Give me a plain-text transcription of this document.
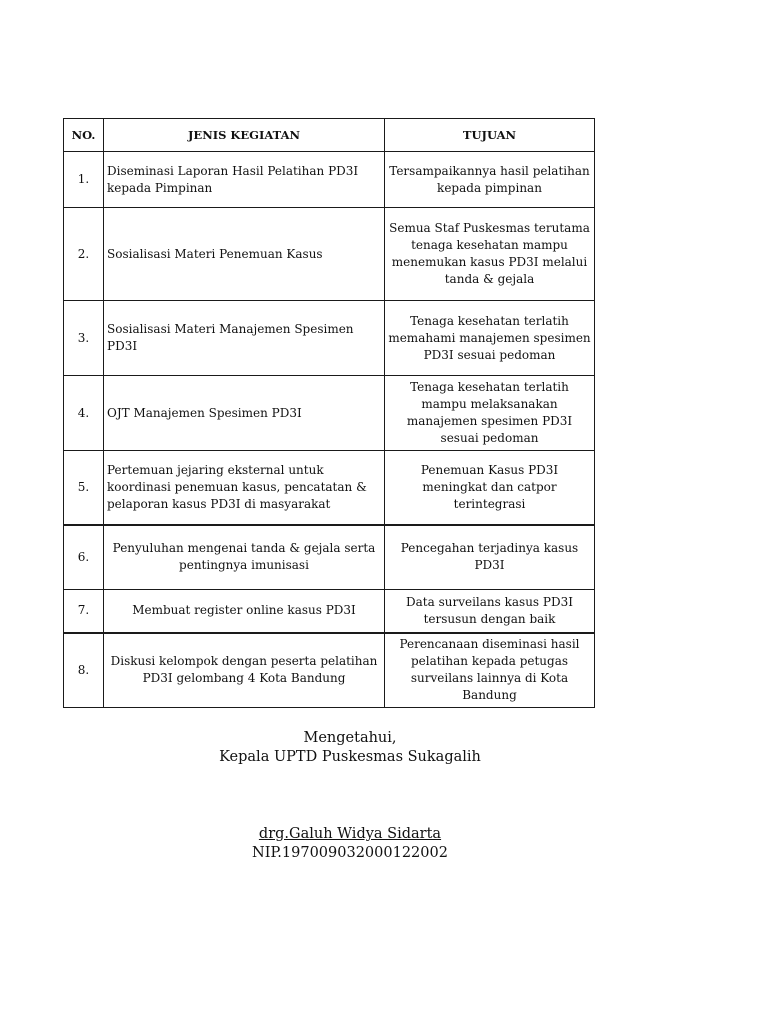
NO.	JENIS KEGIATAN	TUJUAN
1.	Diseminasi Laporan Hasil Pelatihan PD3I kepada Pimpinan	Tersampaikannya hasil pelatihan kepada pimpinan
2.	Sosialisasi Materi Penemuan Kasus	Semua Staf Puskesmas terutama tenaga kesehatan mampu menemukan kasus PD3I melalui tanda & gejala
3.	Sosialisasi Materi Manajemen Spesimen PD3I	Tenaga kesehatan terlatih memahami manajemen spesimen PD3I sesuai pedoman
4.	OJT Manajemen Spesimen PD3I	Tenaga kesehatan terlatih mampu melaksanakan manajemen spesimen PD3I sesuai pedoman
5.	Pertemuan jejaring eksternal untuk koordinasi penemuan kasus, pencatatan & pelaporan kasus PD3I di masyarakat	Penemuan Kasus PD3I meningkat dan catpor terintegrasi
6.	Penyuluhan mengenai tanda & gejala serta pentingnya imunisasi	Pencegahan terjadinya kasus PD3I
7.	Membuat register online kasus PD3I	Data surveilans kasus PD3I tersusun dengan baik
8.	Diskusi kelompok dengan peserta pelatihan PD3I gelombang 4 Kota Bandung	Perencanaan diseminasi hasil pelatihan kepada petugas surveilans lainnya di Kota Bandung
Mengetahui,
Kepala UPTD Puskesmas Sukagalih
drg.Galuh Widya Sidarta
NIP.197009032000122002
